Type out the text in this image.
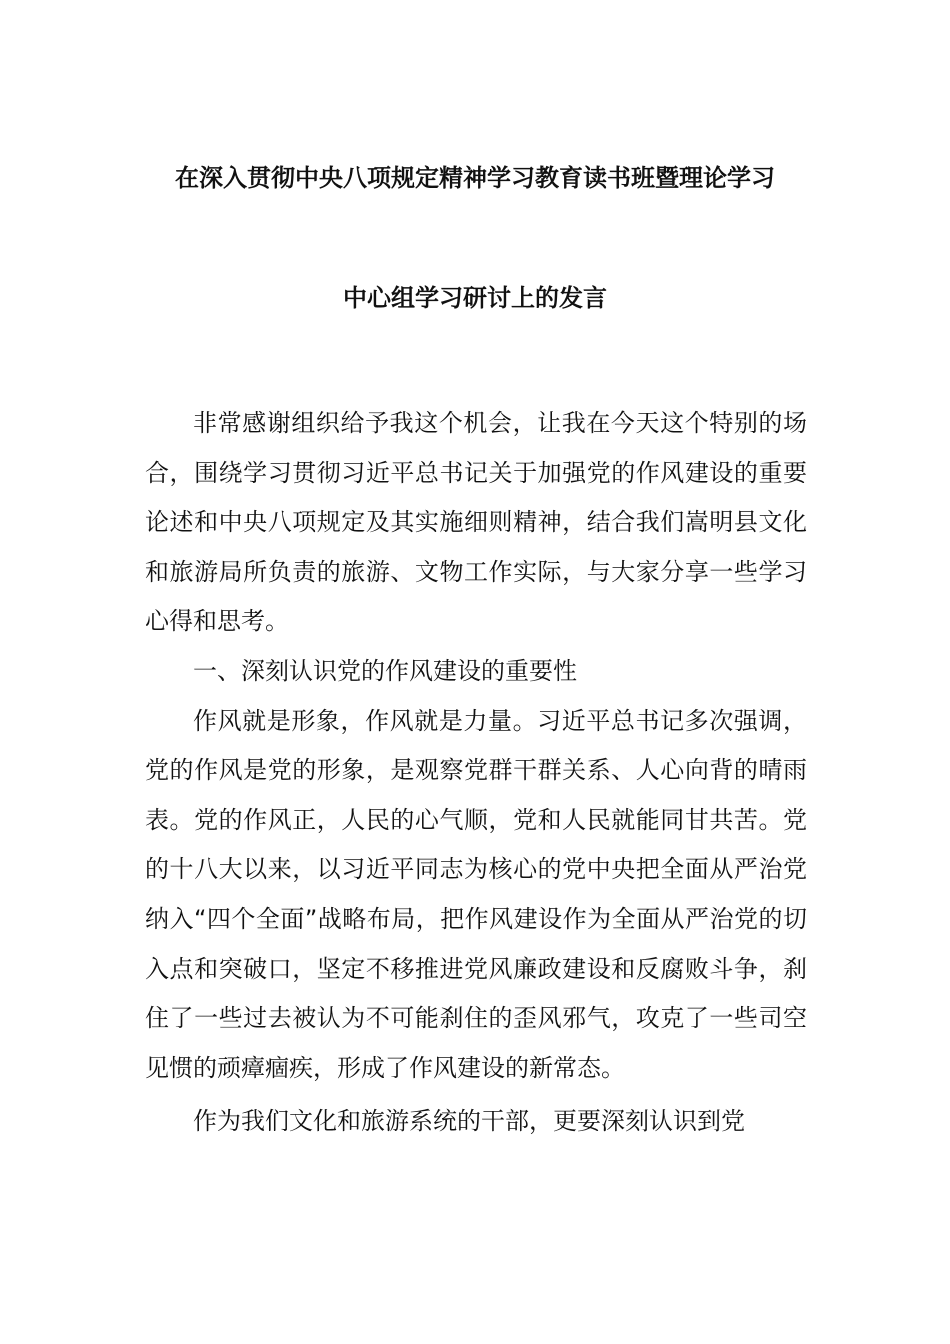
在深入贯彻中央八项规定精神学习教育读书班暨理论学习
中心组学习研讨上的发言

非常感谢组织给予我这个机会，让我在今天这个特别的场合，围绕学习贯彻习近平总书记关于加强党的作风建设的重要论述和中央八项规定及其实施细则精神，结合我们嵩明县文化和旅游局所负责的旅游、文物工作实际，与大家分享一些学习心得和思考。

一、深刻认识党的作风建设的重要性

作风就是形象，作风就是力量。习近平总书记多次强调，党的作风是党的形象，是观察党群干群关系、人心向背的晴雨表。党的作风正，人民的心气顺，党和人民就能同甘共苦。党的十八大以来，以习近平同志为核心的党中央把全面从严治党纳入“四个全面”战略布局，把作风建设作为全面从严治党的切入点和突破口，坚定不移推进党风廉政建设和反腐败斗争，刹住了一些过去被认为不可能刹住的歪风邪气，攻克了一些司空见惯的顽瘴痼疾，形成了作风建设的新常态。

作为我们文化和旅游系统的干部，更要深刻认识到党
